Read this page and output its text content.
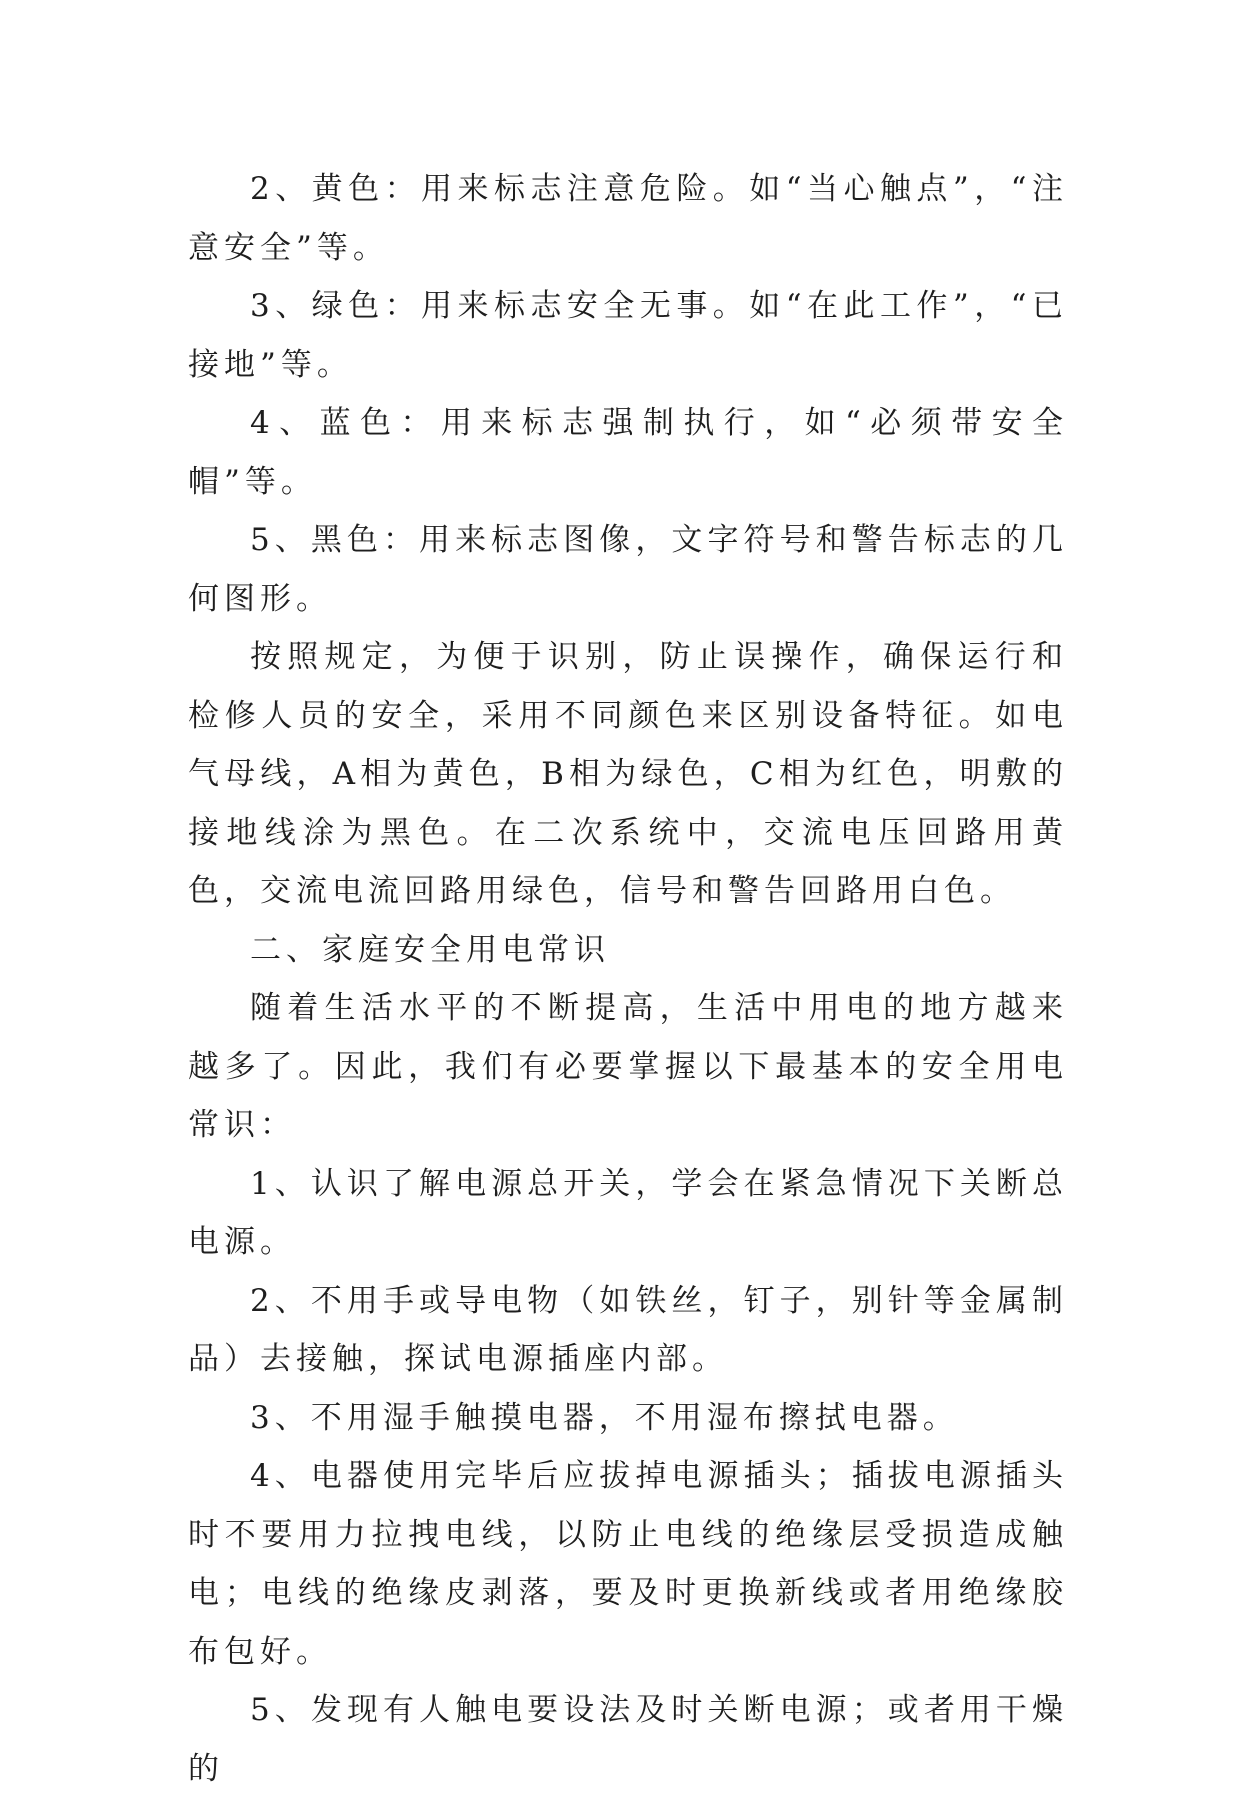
2、黄色：用来标志注意危险。如“当心触点”，“注意安全”等。

3、绿色：用来标志安全无事。如“在此工作”，“已接地”等。

4、蓝色：用来标志强制执行，如“必须带安全帽”等。

5、黑色：用来标志图像，文字符号和警告标志的几何图形。

按照规定，为便于识别，防止误操作，确保运行和检修人员的安全，采用不同颜色来区别设备特征。如电气母线，A相为黄色，B相为绿色，C相为红色，明敷的接地线涂为黑色。在二次系统中，交流电压回路用黄色，交流电流回路用绿色，信号和警告回路用白色。

二、家庭安全用电常识

随着生活水平的不断提高，生活中用电的地方越来越多了。因此，我们有必要掌握以下最基本的安全用电常识：

1、认识了解电源总开关，学会在紧急情况下关断总电源。

2、不用手或导电物（如铁丝，钉子，别针等金属制品）去接触，探试电源插座内部。

3、不用湿手触摸电器，不用湿布擦拭电器。

4、电器使用完毕后应拔掉电源插头；插拔电源插头时不要用力拉拽电线，以防止电线的绝缘层受损造成触电；电线的绝缘皮剥落，要及时更换新线或者用绝缘胶布包好。

5、发现有人触电要设法及时关断电源；或者用干燥的
